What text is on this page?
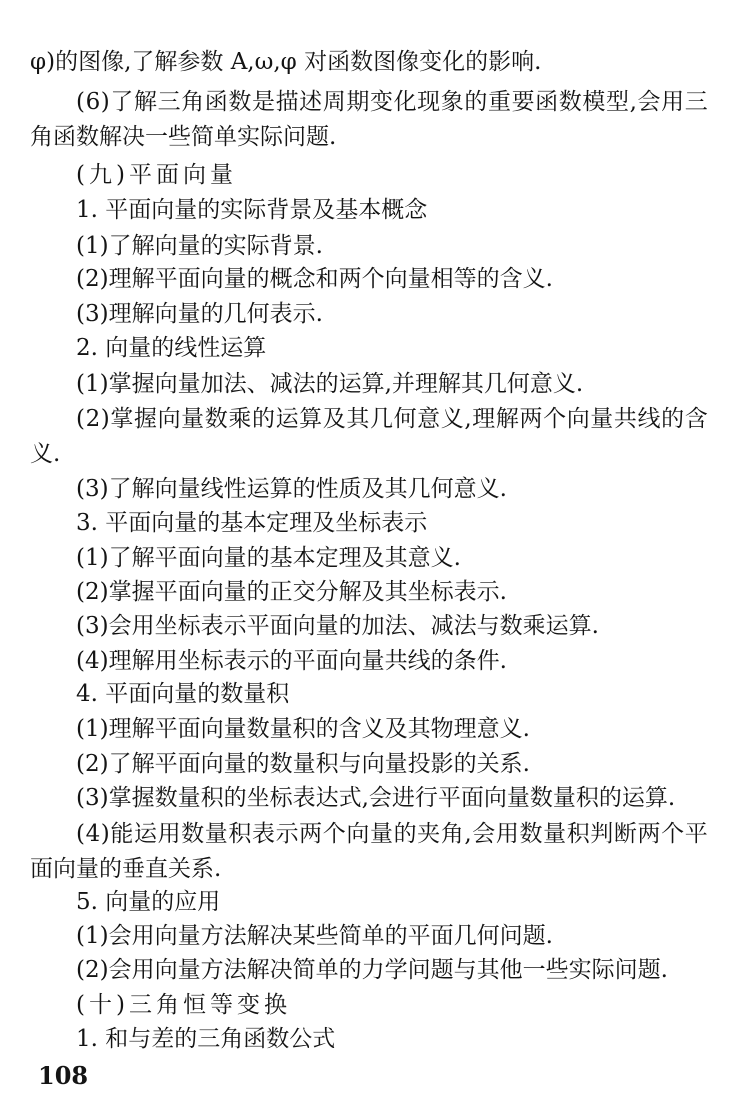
φ)的图像,了解参数 A,ω,φ 对函数图像变化的影响.
(6)了解三角函数是描述周期变化现象的重要函数模型,会用三
角函数解决一些简单实际问题.
(九)平面向量
1. 平面向量的实际背景及基本概念
(1)了解向量的实际背景.
(2)理解平面向量的概念和两个向量相等的含义.
(3)理解向量的几何表示.
2. 向量的线性运算
(1)掌握向量加法、减法的运算,并理解其几何意义.
(2)掌握向量数乘的运算及其几何意义,理解两个向量共线的含
义.
(3)了解向量线性运算的性质及其几何意义.
3. 平面向量的基本定理及坐标表示
(1)了解平面向量的基本定理及其意义.
(2)掌握平面向量的正交分解及其坐标表示.
(3)会用坐标表示平面向量的加法、减法与数乘运算.
(4)理解用坐标表示的平面向量共线的条件.
4. 平面向量的数量积
(1)理解平面向量数量积的含义及其物理意义.
(2)了解平面向量的数量积与向量投影的关系.
(3)掌握数量积的坐标表达式,会进行平面向量数量积的运算.
(4)能运用数量积表示两个向量的夹角,会用数量积判断两个平
面向量的垂直关系.
5. 向量的应用
(1)会用向量方法解决某些简单的平面几何问题.
(2)会用向量方法解决简单的力学问题与其他一些实际问题.
(十)三角恒等变换
1. 和与差的三角函数公式
108
